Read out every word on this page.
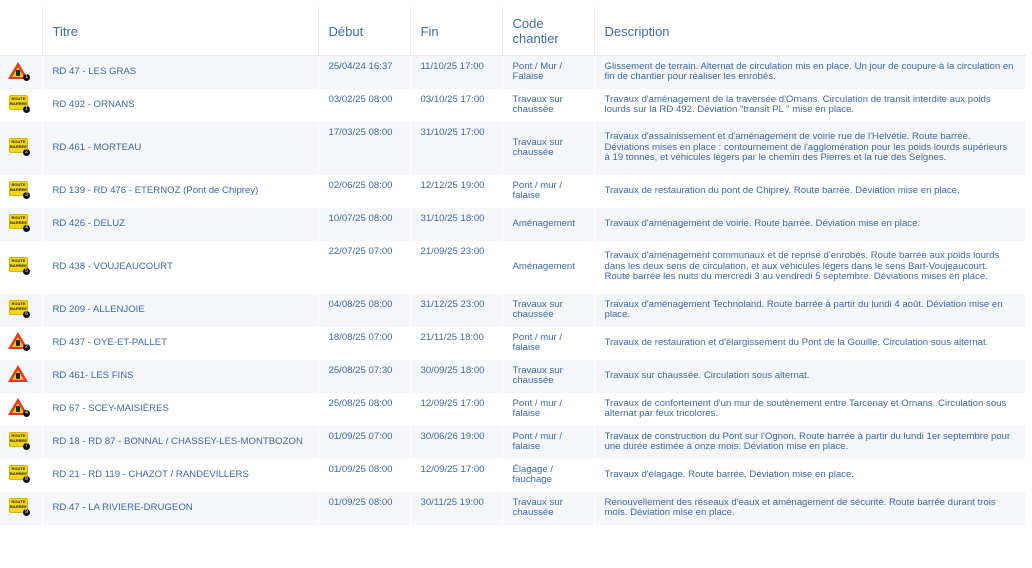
	Titre	Début	Fin	Code chantier	Description

1	RD 47 - LES GRAS	25/04/24 16:37	11/10/25 17:00	Pont / Mur / Falaise	Glissement de terrain. Alternat de circulation mis en place. Un jour de coupure à la circulation en fin de chantier pour réaliser les enrobés.

ROUTE BARREE
1	RD 492 - ORNANS	03/02/25 08:00	03/10/25 17:00	Travaux sur chaussée	Travaux d'aménagement de la traversée d'Ornans. Circulation de transit interdite aux poids lourds sur la RD 492. Déviation "transit PL " mise en place.

ROUTE BARREE
2	RD 461 - MORTEAU	17/03/25 08:00	31/10/25 17:00	Travaux sur chaussée	Travaux d'assainissement et d'aménagement de voirie rue de l'Helvétie. Route barrée. Déviations mises en place : contournement de l'agglomération pour les poids lourds supérieurs à 19 tonnes, et véhicules légers par le chemin des Pierres et la rue des Seignes.

ROUTE BARREE
3	RD 139 - RD 476 - ETERNOZ (Pont de Chiprey)	02/06/25 08:00	12/12/25 19:00	Pont / mur / falaise	Travaux de restauration du pont de Chiprey. Route barrée. Déviation mise en place.

ROUTE BARREE
4	RD 426 - DELUZ	10/07/25 08:00	31/10/25 18:00	Aménagement	Travaux d'aménagement de voirie. Route barrée. Déviation mise en place.

ROUTE BARREE
5	RD 438 - VOUJEAUCOURT	22/07/25 07:00	21/09/25 23:00	Aménagement	Travaux d'aménagement communaux et de reprise d'enrobés. Route barrée aux poids lourds dans les deux sens de circulation, et aux véhicules légers dans le sens Bart-Voujeaucourt. Route barrée les nuits du mercredi 3 au vendredi 5 septembre. Déviations mises en place.

ROUTE BARREE
6	RD 209 - ALLENJOIE	04/08/25 08:00	31/12/25 23:00	Travaux sur chaussée	Travaux d'aménagement Technoland. Route barrée à partir du lundi 4 août. Déviation mise en place.

2	RD 437 - OYE-ET-PALLET	18/08/25 07:00	21/11/25 18:00	Pont / mur / falaise	Travaux de restauration et d'élargissement du Pont de la Gouille. Circulation sous alternat.

	RD 461- LES FINS	25/08/25 07:30	30/09/25 18:00	Travaux sur chaussée	Travaux sur chaussée. Circulation sous alternat.

4	RD 67 - SCEY-MAISIÈRES	25/08/25 08:00	12/09/25 17:00	Pont / mur / falaise	Travaux de confortement d'un mur de soutènement entre Tarcenay et Ornans. Circulation sous alternat par feux tricolores.

ROUTE BARREE
7	RD 18 - RD 87 - BONNAL / CHASSEY-LES-MONTBOZON	01/09/25 07:00	30/06/26 19:00	Pont / mur / falaise	Travaux de construction du Pont sur l'Ognon. Route barrée à partir du lundi 1er septembre pour une durée estimée à onze mois. Déviation mise en place.

ROUTE BARREE
8	RD 21 - RD 119 - CHAZOT / RANDEVILLERS	01/09/25 08:00	12/09/25 17:00	Élagage / fauchage	Travaux d'élagage. Route barrée. Déviation mise en place.

ROUTE BARREE
9	RD 47 - LA RIVIERE-DRUGEON	01/09/25 08:00	30/11/25 19:00	Travaux sur chaussée	Renouvellement des réseaux d'eaux et aménagement de sécurité. Route barrée durant trois mois. Déviation mise en place.
